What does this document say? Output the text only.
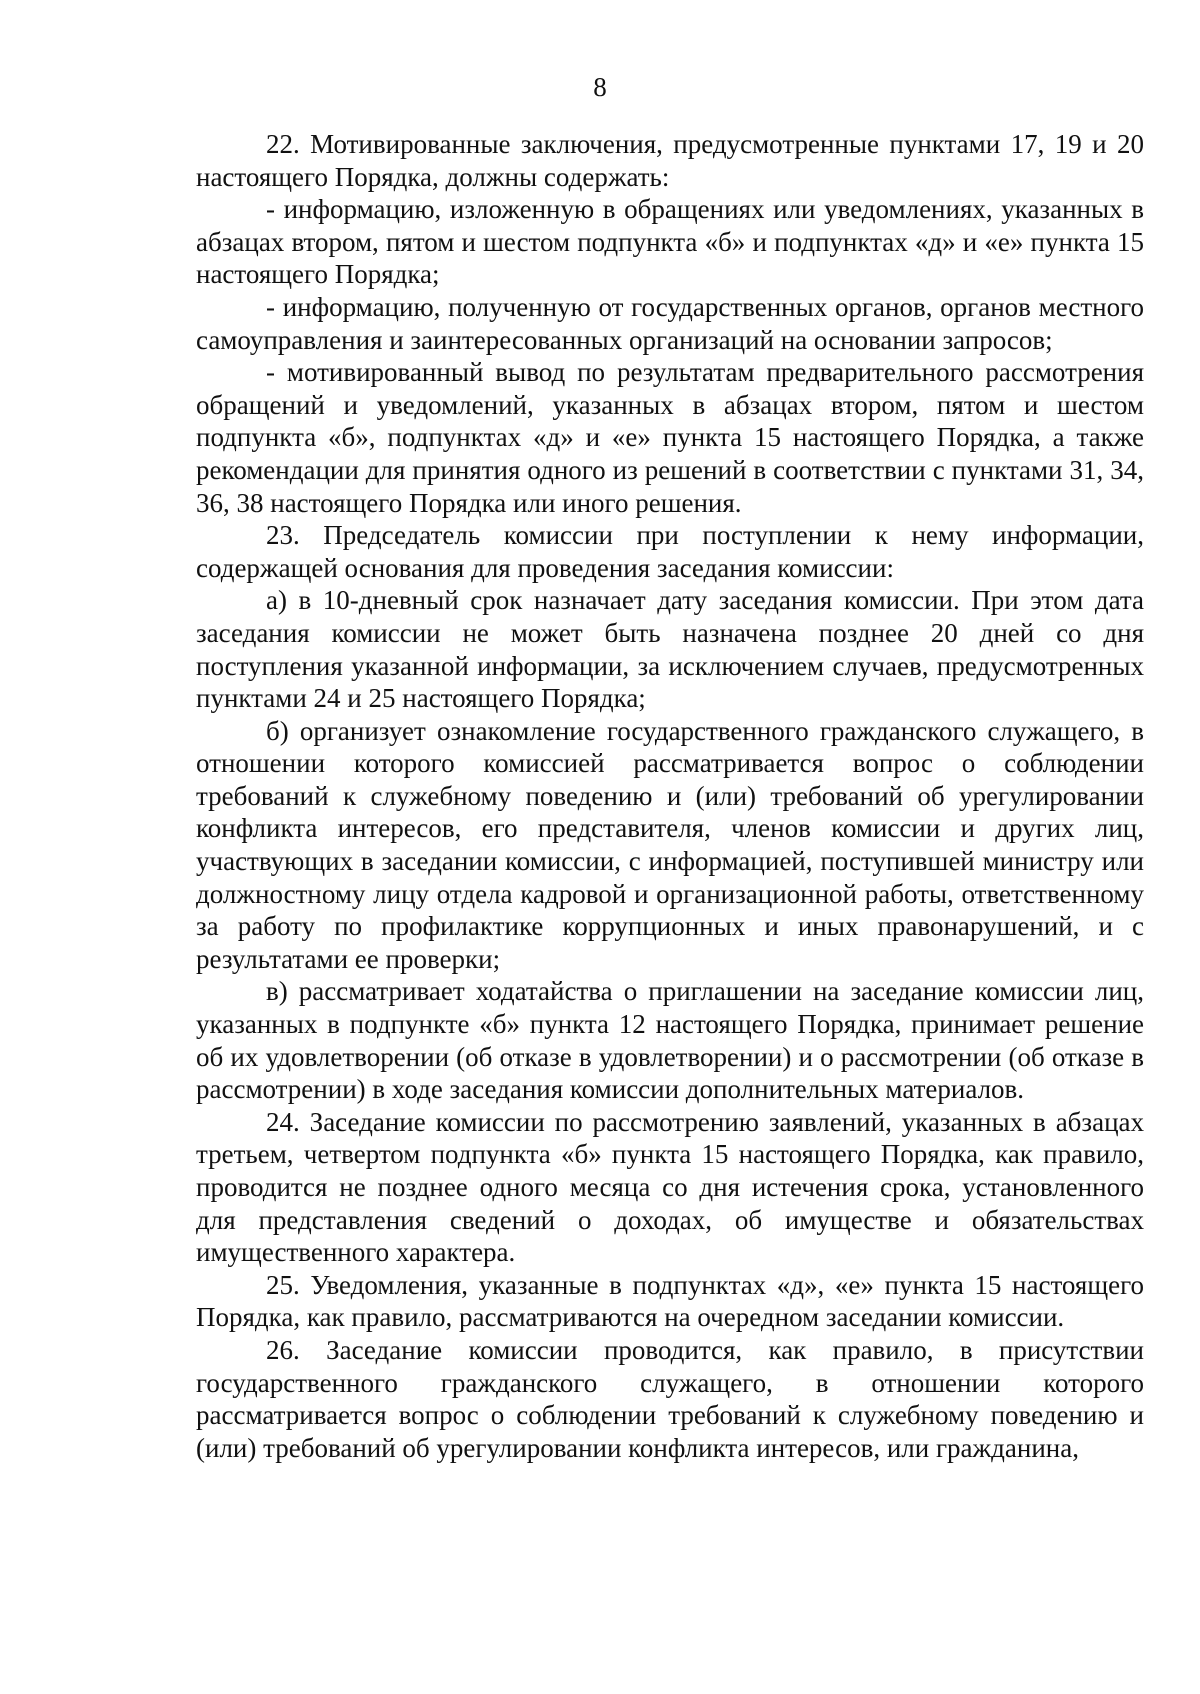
8

22. Мотивированные заключения, предусмотренные пунктами 17, 19 и 20 настоящего Порядка, должны содержать:

- информацию, изложенную в обращениях или уведомлениях, указанных в абзацах втором, пятом и шестом подпункта «б» и подпунктах «д» и «е» пункта 15 настоящего Порядка;

- информацию, полученную от государственных органов, органов местного самоуправления и заинтересованных организаций на основании запросов;

- мотивированный вывод по результатам предварительного рассмотрения обращений и уведомлений, указанных в абзацах втором, пятом и шестом подпункта «б», подпунктах «д» и «е» пункта 15 настоящего Порядка, а также рекомендации для принятия одного из решений в соответствии с пунктами 31, 34, 36, 38 настоящего Порядка или иного решения.

23. Председатель комиссии при поступлении к нему информации, содержащей основания для проведения заседания комиссии:

а) в 10-дневный срок назначает дату заседания комиссии. При этом дата заседания комиссии не может быть назначена позднее 20 дней со дня поступления указанной информации, за исключением случаев, предусмотренных пунктами 24 и 25 настоящего Порядка;

б) организует ознакомление государственного гражданского служащего, в отношении которого комиссией рассматривается вопрос о соблюдении требований к служебному поведению и (или) требований об урегулировании конфликта интересов, его представителя, членов комиссии и других лиц, участвующих в заседании комиссии, с информацией, поступившей министру или должностному лицу отдела кадровой и организационной работы, ответственному за работу по профилактике коррупционных и иных правонарушений, и с результатами ее проверки;

в) рассматривает ходатайства о приглашении на заседание комиссии лиц, указанных в подпункте «б» пункта 12 настоящего Порядка, принимает решение об их удовлетворении (об отказе в удовлетворении) и о рассмотрении (об отказе в рассмотрении) в ходе заседания комиссии дополнительных материалов.

24. Заседание комиссии по рассмотрению заявлений, указанных в абзацах третьем, четвертом подпункта «б» пункта 15 настоящего Порядка, как правило, проводится не позднее одного месяца со дня истечения срока, установленного для представления сведений о доходах, об имуществе и обязательствах имущественного характера.

25. Уведомления, указанные в подпунктах «д», «е» пункта 15 настоящего Порядка, как правило, рассматриваются на очередном заседании комиссии.

26. Заседание комиссии проводится, как правило, в присутствии государственного гражданского служащего, в отношении которого рассматривается вопрос о соблюдении требований к служебному поведению и (или) требований об урегулировании конфликта интересов, или гражданина,
